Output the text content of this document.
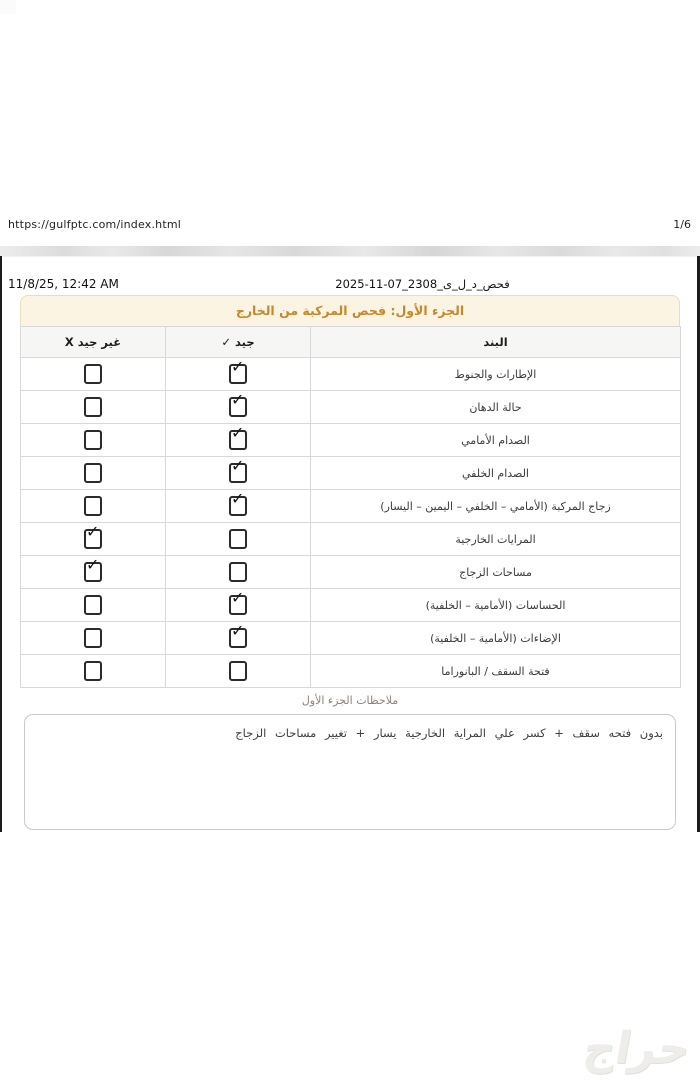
https://gulfptc.com/index.html	1/6
11/8/25, 12:42 AM	فحص_د_ل_ى_2308_07-11-2025
الجزء الأول: فحص المركبة من الخارج
البند	جيد ✓	غير جيد X
الإطارات والجنوط	✓	

حالة الدهان	✓	

الصدام الأمامي	✓	

الصدام الخلفي	✓	

زجاج المركبة (الأمامي – الخلفي – اليمين – اليسار)	✓	

المرايات الخارجية		✓

مساحات الزجاج		✓

الحساسات (الأمامية – الخلفية)	✓	

الإضاءات (الأمامية – الخلفية)	✓	

فتحة السقف / البانوراما		
ملاحظات الجزء الأول
بدون فتحه سقف + كسر علي المراية الخارجية يسار + تغيير مساحات الزجاج
حراج
